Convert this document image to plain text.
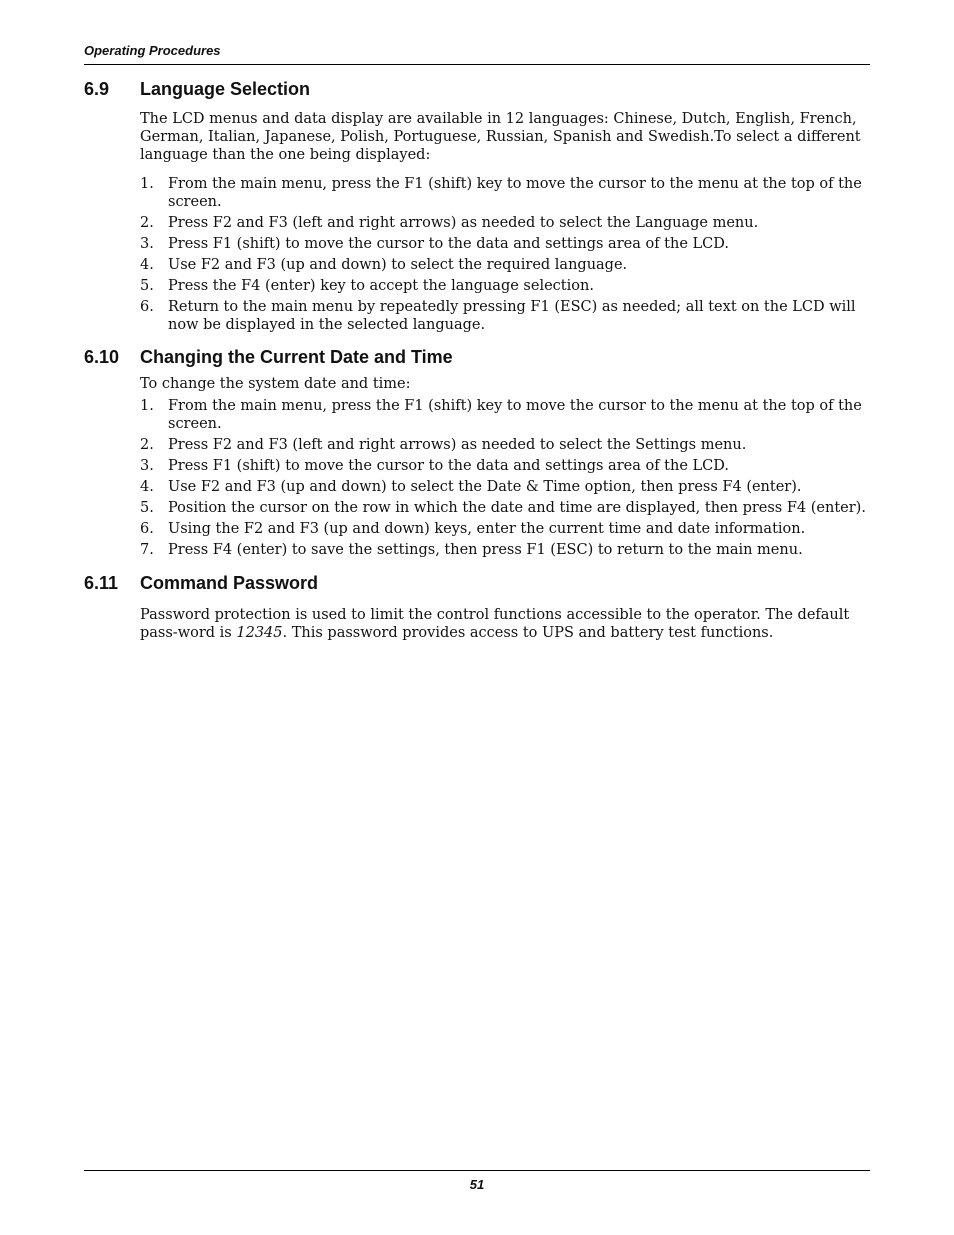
Operating Procedures
6.9 Language Selection

The LCD menus and data display are available in 12 languages: Chinese, Dutch, English, French, German, Italian, Japanese, Polish, Portuguese, Russian, Spanish and Swedish.To select a different language than the one being displayed:

1. From the main menu, press the F1 (shift) key to move the cursor to the menu at the top of the screen.
2. Press F2 and F3 (left and right arrows) as needed to select the Language menu.
3. Press F1 (shift) to move the cursor to the data and settings area of the LCD.
4. Use F2 and F3 (up and down) to select the required language.
5. Press the F4 (enter) key to accept the language selection.
6. Return to the main menu by repeatedly pressing F1 (ESC) as needed; all text on the LCD will now be displayed in the selected language.
6.10 Changing the Current Date and Time

To change the system date and time:

1. From the main menu, press the F1 (shift) key to move the cursor to the menu at the top of the screen.
2. Press F2 and F3 (left and right arrows) as needed to select the Settings menu.
3. Press F1 (shift) to move the cursor to the data and settings area of the LCD.
4. Use F2 and F3 (up and down) to select the Date & Time option, then press F4 (enter).
5. Position the cursor on the row in which the date and time are displayed, then press F4 (enter).
6. Using the F2 and F3 (up and down) keys, enter the current time and date information.
7. Press F4 (enter) to save the settings, then press F1 (ESC) to return to the main menu.
6.11 Command Password

Password protection is used to limit the control functions accessible to the operator. The default pass-word is 12345. This password provides access to UPS and battery test functions.

51
